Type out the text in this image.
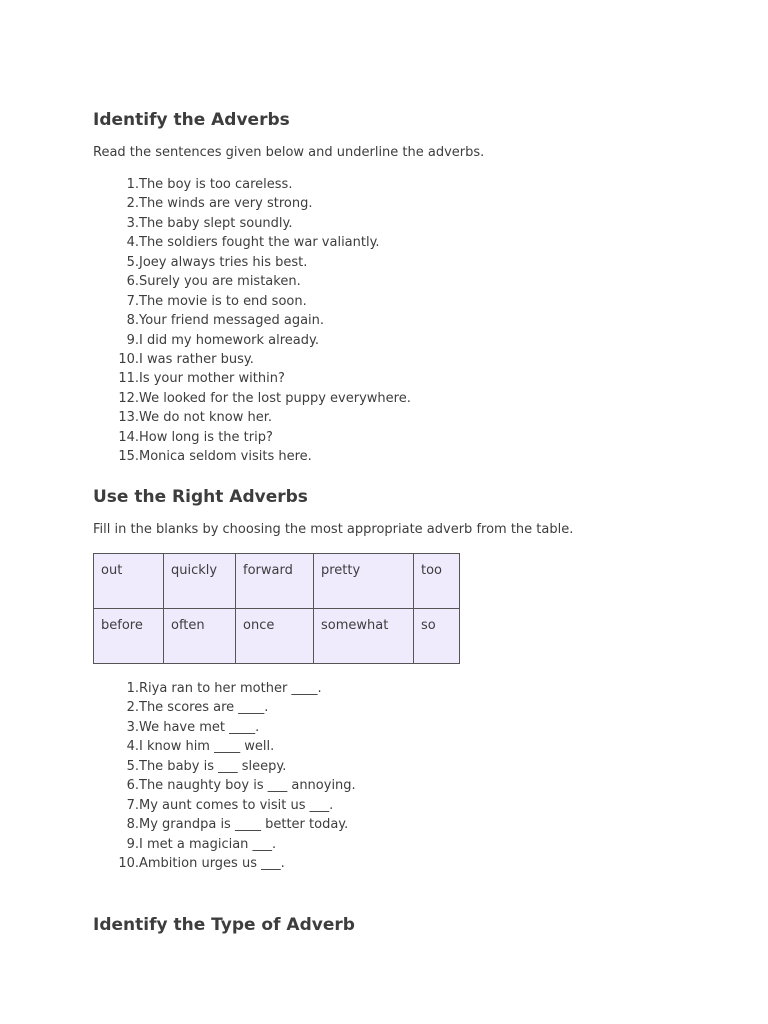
Identify the Adverbs

Read the sentences given below and underline the adverbs.

1.The boy is too careless.
2.The winds are very strong.
3.The baby slept soundly.
4.The soldiers fought the war valiantly.
5.Joey always tries his best.
6.Surely you are mistaken.
7.The movie is to end soon.
8.Your friend messaged again.
9.I did my homework already.
10.I was rather busy.
11.Is your mother within?
12.We looked for the lost puppy everywhere.
13.We do not know her.
14.How long is the trip?
15.Monica seldom visits here.
Use the Right Adverbs

Fill in the blanks by choosing the most appropriate adverb from the table.

out	quickly	forward	pretty	too
before	often	once	somewhat	so
1.Riya ran to her mother ____.
2.The scores are ____.
3.We have met ____.
4.I know him ____ well.
5.The baby is ___ sleepy.
6.The naughty boy is ___ annoying.
7.My aunt comes to visit us ___.
8.My grandpa is ____ better today.
9.I met a magician ___.
10.Ambition urges us ___.
Identify the Type of Adverb
